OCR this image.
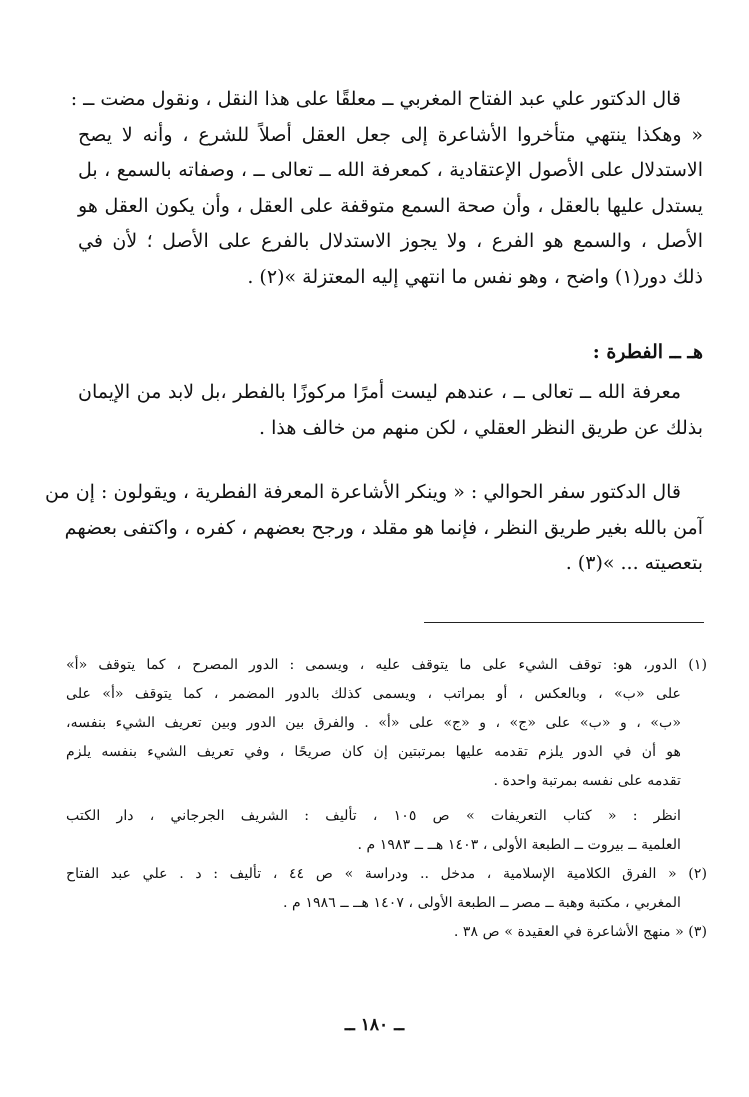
قال الدكتور علي عبد الفتاح المغربي ــ معلقًا على هذا النقل ، ونقول مضت ــ :
« وهكذا ينتهي متأخروا الأشاعرة إلى جعل العقل أصلاً للشرع ، وأنه لا يصح
الاستدلال على الأصول الإعتقادية ، كمعرفة الله ــ تعالى ــ ، وصفاته بالسمع ، بل
يستدل عليها بالعقل ، وأن صحة السمع متوقفة على العقل ، وأن يكون العقل هو
الأصل ، والسمع هو الفرع ، ولا يجوز الاستدلال بالفرع على الأصل ؛ لأن في
ذلك دور(١) واضح ، وهو نفس ما انتهي إليه المعتزلة »(٢) .
هـ ــ الفطرة :
معرفة الله ــ تعالى ــ ، عندهم ليست أمرًا مركوزًا بالفطر ،بل لابد من الإيمان
بذلك عن طريق النظر العقلي ، لكن منهم من خالف هذا .
قال الدكتور سفر الحوالي : « وينكر الأشاعرة المعرفة الفطرية ، ويقولون : إن من
آمن بالله بغير طريق النظر ، فإنما هو مقلد ، ورجح بعضهم ، كفره ، واكتفى بعضهم
بتعصيته ... »(٣) .
(١) الدور، هو: توقف الشيء على ما يتوقف عليه ، ويسمى : الدور المصرح ، كما يتوقف «أ»
على «ب» ، وبالعكس ، أو بمراتب ، ويسمى كذلك بالدور المضمر ، كما يتوقف «أ» على
«ب» ، و «ب» على «ج» ، و «ج» على «أ» . والفرق بين الدور وبين تعريف الشيء بنفسه،
هو أن في الدور يلزم تقدمه عليها بمرتبتين إن كان صريحًا ، وفي تعريف الشيء بنفسه يلزم
تقدمه على نفسه بمرتبة واحدة .
انظر : « كتاب التعريفات » ص ١٠٥ ، تأليف : الشريف الجرجاني ، دار الكتب
العلمية ــ بيروت ــ الطبعة الأولى ، ١٤٠٣ هــ ــ ١٩٨٣ م .
(٢) « الفرق الكلامية الإسلامية ، مدخل .. ودراسة » ص ٤٤ ، تأليف : د . علي عبد الفتاح
المغربي ، مكتبة وهبة ــ مصر ــ الطبعة الأولى ، ١٤٠٧ هــ ــ ١٩٨٦ م .
(٣) « منهج الأشاعرة في العقيدة » ص ٣٨ .
ــ ١٨٠ ــ
